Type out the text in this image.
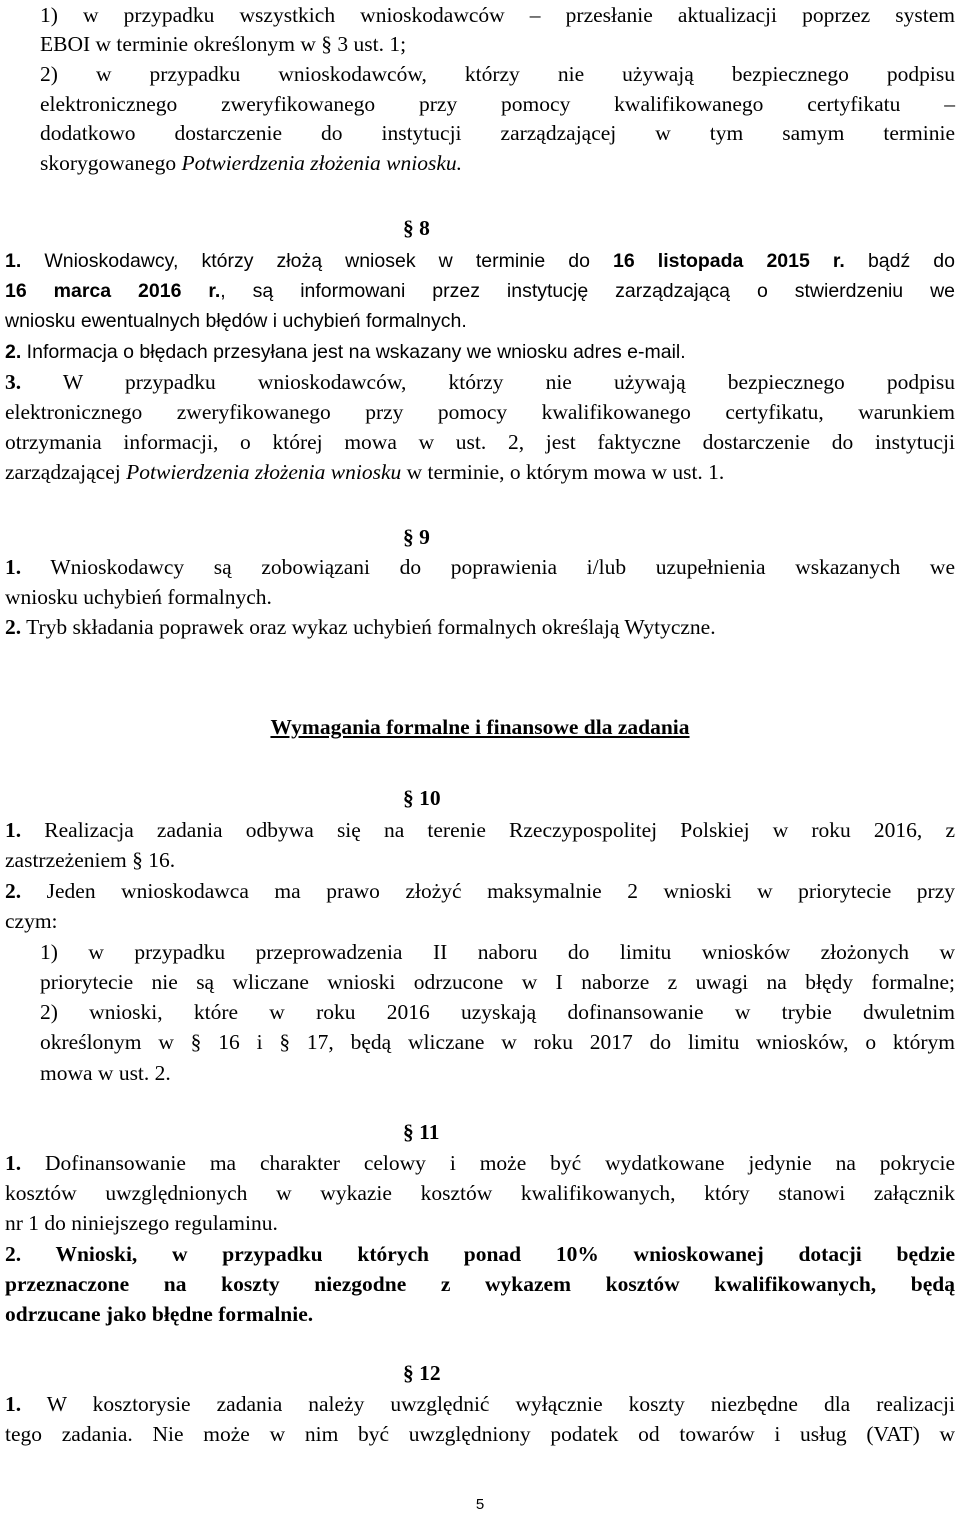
1) w przypadku wszystkich wnioskodawców – przesłanie aktualizacji poprzez system

EBOI w terminie określonym w § 3 ust. 1;

2) w przypadku wnioskodawców, którzy nie używają bezpiecznego podpisu

elektronicznego zweryfikowanego przy pomocy kwalifikowanego certyfikatu –

dodatkowo dostarczenie do instytucji zarządzającej w tym samym terminie

skorygowanego Potwierdzenia złożenia wniosku.

§ 8

1. Wnioskodawcy, którzy złożą wniosek w terminie do 16 listopada 2015 r. bądź do

16 marca 2016 r., są informowani przez instytucję zarządzającą o stwierdzeniu we

wniosku ewentualnych błędów i uchybień formalnych.

2. Informacja o błędach przesyłana jest na wskazany we wniosku adres e-mail.

3. W przypadku wnioskodawców, którzy nie używają bezpiecznego podpisu

elektronicznego zweryfikowanego przy pomocy kwalifikowanego certyfikatu, warunkiem

otrzymania informacji, o której mowa w ust. 2, jest faktyczne dostarczenie do instytucji

zarządzającej Potwierdzenia złożenia wniosku w terminie, o którym mowa w ust. 1.

§ 9

1. Wnioskodawcy są zobowiązani do poprawienia i/lub uzupełnienia wskazanych we

wniosku uchybień formalnych.

2. Tryb składania poprawek oraz wykaz uchybień formalnych określają Wytyczne.

Wymagania formalne i finansowe dla zadania
§ 10

1. Realizacja zadania odbywa się na terenie Rzeczypospolitej Polskiej w roku 2016, z

zastrzeżeniem § 16.

2. Jeden wnioskodawca ma prawo złożyć maksymalnie 2 wnioski w priorytecie przy

czym:

1) w przypadku przeprowadzenia II naboru do limitu wniosków złożonych w

priorytecie nie są wliczane wnioski odrzucone w I naborze z uwagi na błędy formalne;

2) wnioski, które w roku 2016 uzyskają dofinansowanie w trybie dwuletnim

określonym w § 16 i § 17, będą wliczane w roku 2017 do limitu wniosków, o którym

mowa w ust. 2.

§ 11

1. Dofinansowanie ma charakter celowy i może być wydatkowane jedynie na pokrycie

kosztów uwzględnionych w wykazie kosztów kwalifikowanych, który stanowi załącznik

nr 1 do niniejszego regulaminu.

2. Wnioski, w przypadku których ponad 10% wnioskowanej dotacji będzie

przeznaczone na koszty niezgodne z wykazem kosztów kwalifikowanych, będą

odrzucane jako błędne formalnie.

§ 12

1. W kosztorysie zadania należy uwzględnić wyłącznie koszty niezbędne dla realizacji

tego zadania. Nie może w nim być uwzględniony podatek od towarów i usług (VAT) w

5
